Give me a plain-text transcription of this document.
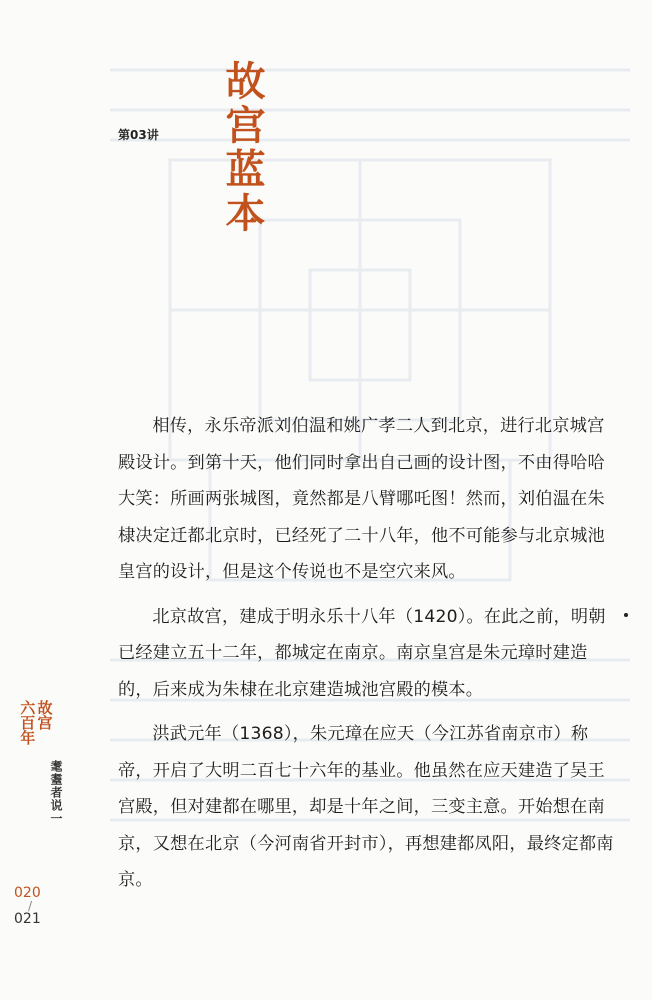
第03讲 故宫蓝本

相传，永乐帝派刘伯温和姚广孝二人到北京，进行北京城宫殿设计。到第十天，他们同时拿出自己画的设计图，不由得哈哈大笑：所画两张城图，竟然都是八臂哪吒图！然而，刘伯温在朱棣决定迁都北京时，已经死了二十八年，他不可能参与北京城池皇宫的设计，但是这个传说也不是空穴来风。

北京故宫，建成于明永乐十八年（1420）。在此之前，明朝已经建立五十二年，都城定在南京。南京皇宫是朱元璋时建造的，后来成为朱棣在北京建造城池宫殿的模本。

洪武元年（1368），朱元璋在应天（今江苏省南京市）称帝，开启了大明二百七十六年的基业。他虽然在应天建造了吴王宫殿，但对建都在哪里，却是十年之间，三变主意。开始想在南京，又想在北京（今河南省开封市），再想建都凤阳，最终定都南京。

故宫
六百年
耄耋者说一
020
/
021
